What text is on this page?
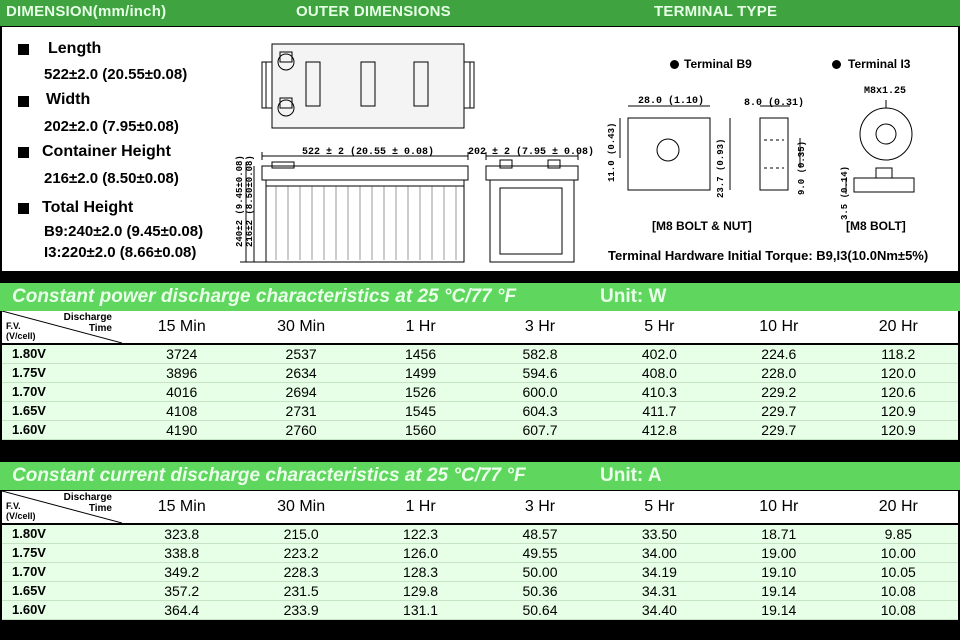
DIMENSION(mm/inch)	OUTER DIMENSIONS	TERMINAL TYPE
Length
522±2.0 (20.55±0.08)
Width
202±2.0 (7.95±0.08)
Container Height
216±2.0 (8.50±0.08)
Total Height
B9:240±2.0 (9.45±0.08)
I3:220±2.0 (8.66±0.08)
522 ± 2 (20.55 ± 0.08)	202 ± 2 (7.95 ± 0.08)
240±2 (9.45±0.08) 216±2 (8.50±0.08)
Terminal B9	Terminal I3
28.0 (1.10)
11.0 (0.43)	23.7 (0.93)
8.0 (0.31)
9.0 (0.35)
M8x1.25
3.5 (0.14)
[M8 BOLT & NUT]	[M8 BOLT]
Terminal Hardware Initial Torque: B9,I3(10.0Nm±5%)
Constant power discharge characteristics at 25 °C/77 °F	Unit: W
Discharge
Time
F.V.
(V/cell)	15 Min	30 Min	1 Hr	3 Hr	5 Hr	10 Hr	20 Hr
1.80V	3724	2537	1456	582.8	402.0	224.6	118.2
1.75V	3896	2634	1499	594.6	408.0	228.0	120.0
1.70V	4016	2694	1526	600.0	410.3	229.2	120.6
1.65V	4108	2731	1545	604.3	411.7	229.7	120.9
1.60V	4190	2760	1560	607.7	412.8	229.7	120.9
Constant current discharge characteristics at 25 °C/77 °F	Unit: A
Discharge
Time
F.V.
(V/cell)	15 Min	30 Min	1 Hr	3 Hr	5 Hr	10 Hr	20 Hr
1.80V	323.8	215.0	122.3	48.57	33.50	18.71	9.85
1.75V	338.8	223.2	126.0	49.55	34.00	19.00	10.00
1.70V	349.2	228.3	128.3	50.00	34.19	19.10	10.05
1.65V	357.2	231.5	129.8	50.36	34.31	19.14	10.08
1.60V	364.4	233.9	131.1	50.64	34.40	19.14	10.08
